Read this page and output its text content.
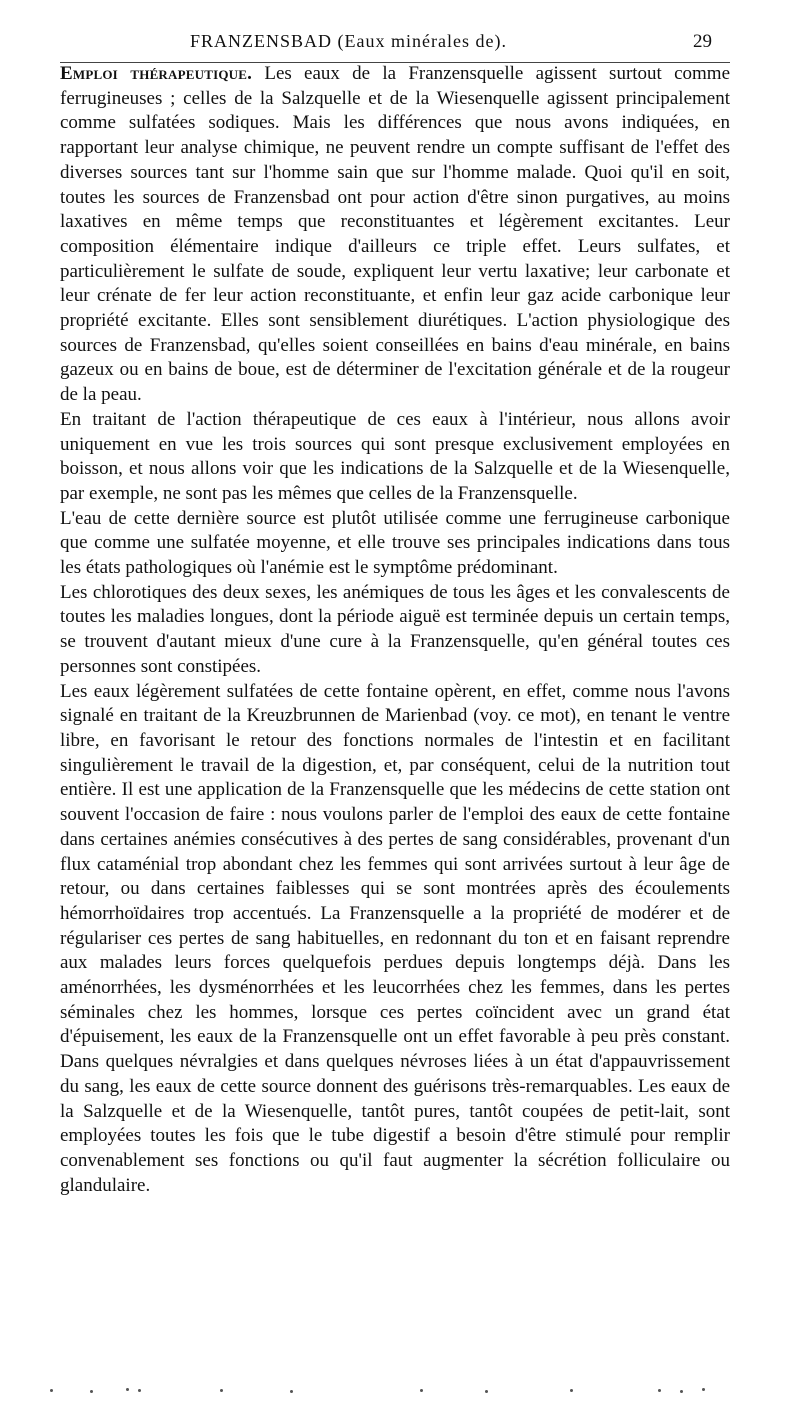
FRANZENSBAD (Eaux minérales de).	29

Emploi thérapeutique. Les eaux de la Franzensquelle agissent surtout comme ferrugineuses ; celles de la Salzquelle et de la Wiesenquelle agissent principalement comme sulfatées sodiques. Mais les différences que nous avons indiquées, en rapportant leur analyse chimique, ne peuvent rendre un compte suffisant de l'effet des diverses sources tant sur l'homme sain que sur l'homme malade. Quoi qu'il en soit, toutes les sources de Franzensbad ont pour action d'être sinon purgatives, au moins laxatives en même temps que reconstituantes et légèrement excitantes. Leur composition élémentaire indique d'ailleurs ce triple effet. Leurs sulfates, et particulièrement le sulfate de soude, expliquent leur vertu laxative; leur carbonate et leur crénate de fer leur action reconstituante, et enfin leur gaz acide carbonique leur propriété excitante. Elles sont sensiblement diurétiques. L'action physiologique des sources de Franzensbad, qu'elles soient conseillées en bains d'eau minérale, en bains gazeux ou en bains de boue, est de déterminer de l'excitation générale et de la rougeur de la peau.

En traitant de l'action thérapeutique de ces eaux à l'intérieur, nous allons avoir uniquement en vue les trois sources qui sont presque exclusivement employées en boisson, et nous allons voir que les indications de la Salzquelle et de la Wiesenquelle, par exemple, ne sont pas les mêmes que celles de la Franzensquelle.

L'eau de cette dernière source est plutôt utilisée comme une ferrugineuse carbonique que comme une sulfatée moyenne, et elle trouve ses principales indications dans tous les états pathologiques où l'anémie est le symptôme prédominant.

Les chlorotiques des deux sexes, les anémiques de tous les âges et les convalescents de toutes les maladies longues, dont la période aiguë est terminée depuis un certain temps, se trouvent d'autant mieux d'une cure à la Franzensquelle, qu'en général toutes ces personnes sont constipées.

Les eaux légèrement sulfatées de cette fontaine opèrent, en effet, comme nous l'avons signalé en traitant de la Kreuzbrunnen de Marienbad (voy. ce mot), en tenant le ventre libre, en favorisant le retour des fonctions normales de l'intestin et en facilitant singulièrement le travail de la digestion, et, par conséquent, celui de la nutrition tout entière. Il est une application de la Franzensquelle que les médecins de cette station ont souvent l'occasion de faire : nous voulons parler de l'emploi des eaux de cette fontaine dans certaines anémies consécutives à des pertes de sang considérables, provenant d'un flux cataménial trop abondant chez les femmes qui sont arrivées surtout à leur âge de retour, ou dans certaines faiblesses qui se sont montrées après des écoulements hémorrhoïdaires trop accentués. La Franzensquelle a la propriété de modérer et de régulariser ces pertes de sang habituelles, en redonnant du ton et en faisant reprendre aux malades leurs forces quelquefois perdues depuis longtemps déjà. Dans les aménorrhées, les dysménorrhées et les leucorrhées chez les femmes, dans les pertes séminales chez les hommes, lorsque ces pertes coïncident avec un grand état d'épuisement, les eaux de la Franzensquelle ont un effet favorable à peu près constant. Dans quelques névralgies et dans quelques névroses liées à un état d'appauvrissement du sang, les eaux de cette source donnent des guérisons très-remarquables. Les eaux de la Salzquelle et de la Wiesenquelle, tantôt pures, tantôt coupées de petit-lait, sont employées toutes les fois que le tube digestif a besoin d'être stimulé pour remplir convenablement ses fonctions ou qu'il faut augmenter la sécrétion folliculaire ou glandulaire.
